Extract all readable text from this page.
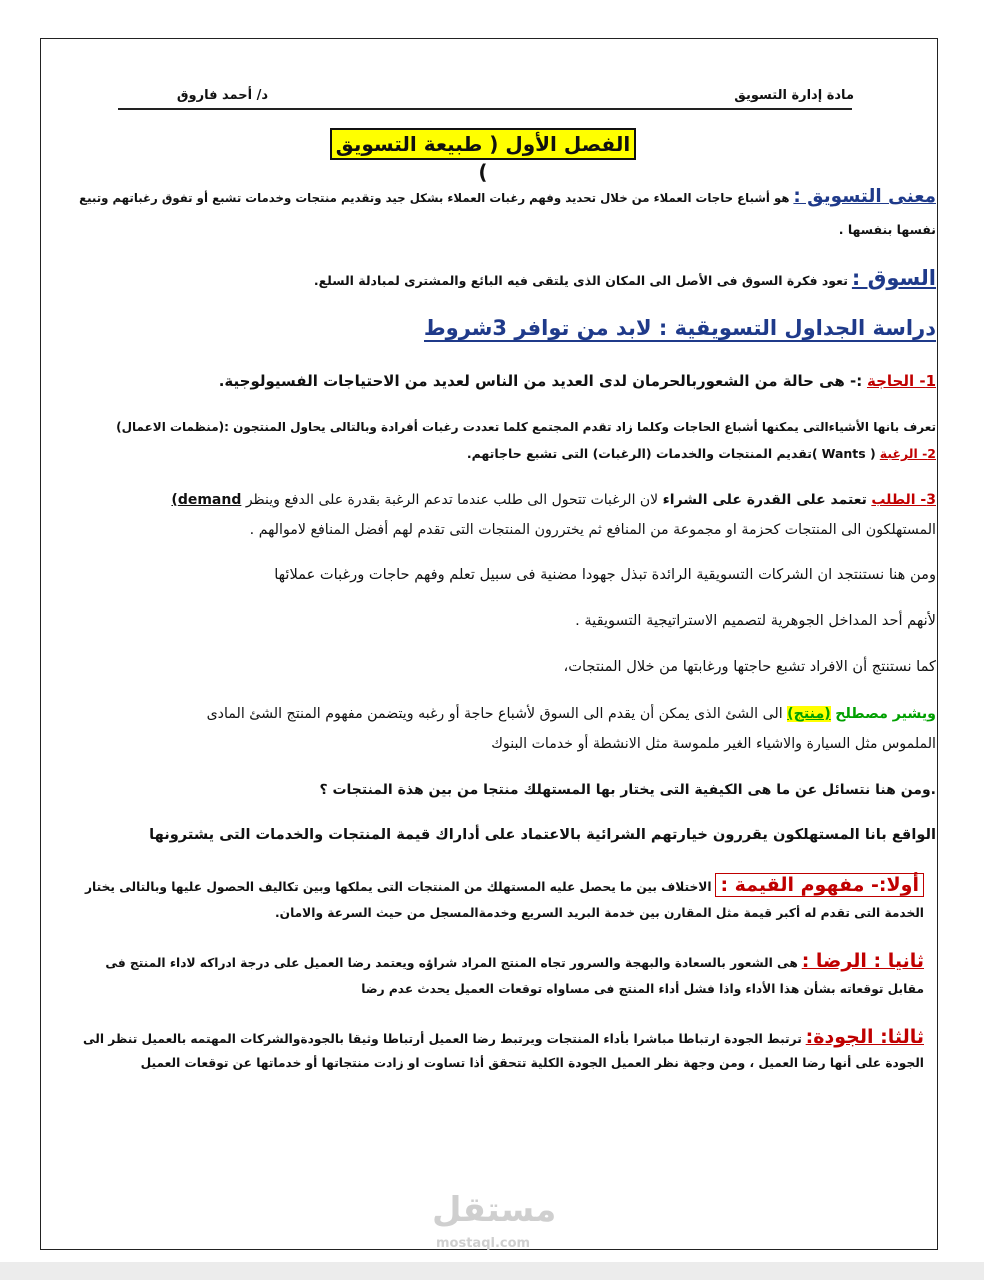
مادة إدارة التسويق
د/ أحمد فاروق
الفصل الأول ( طبيعة التسويق )
معنى التسويق : هو أشباع حاجات العملاء من خلال تحديد وفهم رغبات العملاء بشكل جيد وتقديم منتجات وخدمات تشبع أو تفوق رغباتهم وتبيع
نفسها بنفسها .
السوق : تعود فكرة السوق فى الأصل الى المكان الذى يلتقى فيه البائع والمشترى لمبادلة السلع.
دراسة الجداول التسويقية : لابد من توافر 3شروط
1- الحاجة :- هى حالة من الشعوربالحرمان لدى العديد من الناس لعديد من الاحتياجات الفسيولوجية.
تعرف بانها الأشياءالتى يمكنها أشباع الحاجات وكلما زاد تقدم المجتمع كلما تعددت رغبات أفرادة وبالتالى يحاول المنتجون :(منظمات الاعمال)
2- الرغبة ( Wants )تقديم المنتجات والخدمات (الرغبات) التى تشبع حاجاتهم.
3- الطلب تعتمد على القدرة على الشراء لان الرغبات تتحول الى طلب عندما تدعم الرغبة بقدرة على الدفع وينظر demand)
المستهلكون الى المنتجات كحزمة او مجموعة من المنافع ثم يختررون المنتجات التى تقدم لهم أفضل المنافع لاموالهم .
ومن هنا نستنتجد ان الشركات التسويقية الرائدة تبذل جهودا مضنية فى سبيل تعلم وفهم حاجات ورغبات عملائها
لأنهم أحد المداخل الجوهرية لتصميم الاستراتيجية التسويقية .
كما نستنتج أن الافراد تشبع حاجتها ورغابتها من خلال المنتجات،
ويشير مصطلح (منتج) الى الشئ الذى يمكن أن يقدم الى السوق لأشباع حاجة أو رغبه ويتضمن مفهوم المنتج الشئ المادى
الملموس مثل السيارة والاشياء الغير ملموسة مثل الانشطة أو خدمات البنوك
.ومن هنا نتسائل عن ما هى الكيفية التى يختار بها المستهلك منتجا من بين هذة المنتجات ؟
الواقع بانا المستهلكون يقررون خيارتهم الشرائية بالاعتماد على أداراك قيمة المنتجات والخدمات التى يشترونها
أولا:- مفهوم القيمة : الاختلاف بين ما يحصل عليه المستهلك من المنتجات التى يملكها وبين تكاليف الحصول عليها وبالتالى يختار
الخدمة التى تقدم له أكبر قيمة مثل المقارن بين خدمة البريد السريع وخدمةالمسجل من حيث السرعة والامان.
ثانيا : الرضا : هى الشعور بالسعادة والبهجة والسرور تجاه المنتج المراد شراؤه ويعتمد رضا العميل على درجة ادراكه لاداء المنتج فى
مقابل توقعاته بشأن هذا الأداء واذا فشل أداء المنتج فى مساواه توقعات العميل يحدث عدم رضا
ثالثا: الجودة: ترتبط الجودة ارتباطا مباشرا بأداء المنتجات ويرتبط رضا العميل أرتباطا وثيقا بالجودةوالشركات المهتمه بالعميل تنظر الى
الجودة على أنها رضا العميل ، ومن وجهة نظر العميل الجودة الكلية تتحقق أذا تساوت او زادت منتجاتها أو خدماتها عن توقعات العميل
مستقل
mostaql.com
